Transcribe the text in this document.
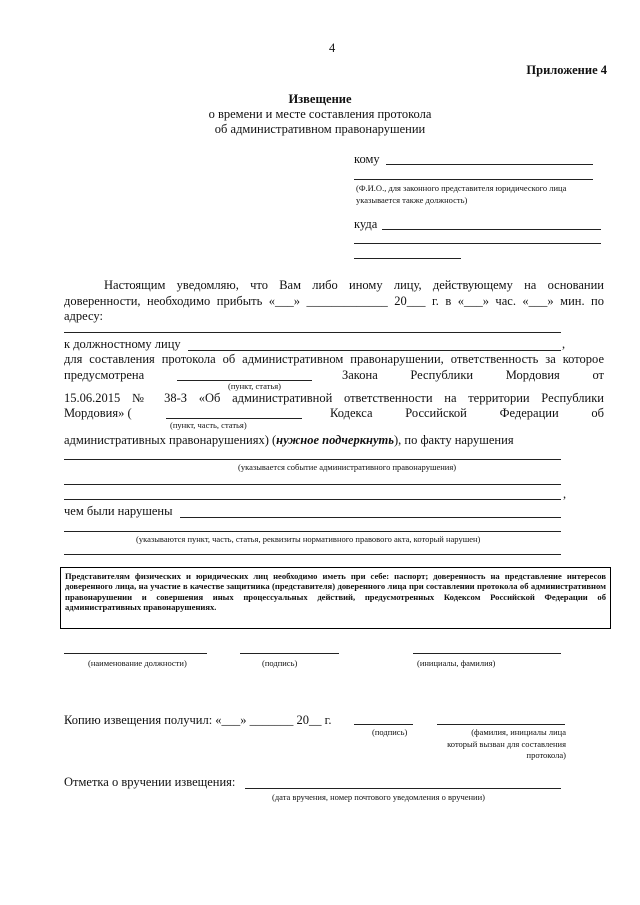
4
Приложение 4
Извещение
о времени и месте составления протокола
об административном правонарушении
кому
(Ф.И.О., для законного представителя юридического лица
указывается также должность)
куда
Настоящим уведомляю, что Вам либо иному лицу, действующему на основании
доверенности, необходимо прибыть «___» _____________ 20___ г. в «___» час. «___» мин. по
адресу:
к должностному лицу	,
для составления протокола об административном правонарушении, ответственность за которое
предусмотрена	Закона Республики Мордовия от
(пункт, статья)
15.06.2015 № 38-З «Об административной ответственности на территории Республики
Мордовия» (	Кодекса Российской Федерации об
(пункт, часть, статья)
административных правонарушениях) (нужное подчеркнуть), по факту нарушения
(указывается событие административного правонарушения)
,
чем были нарушены
(указываются пункт, часть, статья, реквизиты нормативного правового акта, который нарушен)

Представителям физических и юридических лиц необходимо иметь при себе: паспорт; доверенность на представление интересов доверенного лица, на участие в качестве защитника (представителя) доверенного лица при составлении протокола об административном правонарушении и совершения иных процессуальных действий, предусмотренных Кодексом Российской Федерации об административных правонарушениях.

(наименование должности)	(подпись)	(инициалы, фамилия)
Копию извещения получил: «___» _______ 20__ г.
(подпись)	(фамилия, инициалы лица
который вызван для составления
протокола)
Отметка о вручении извещения:
(дата вручения, номер почтового уведомления о вручении)
